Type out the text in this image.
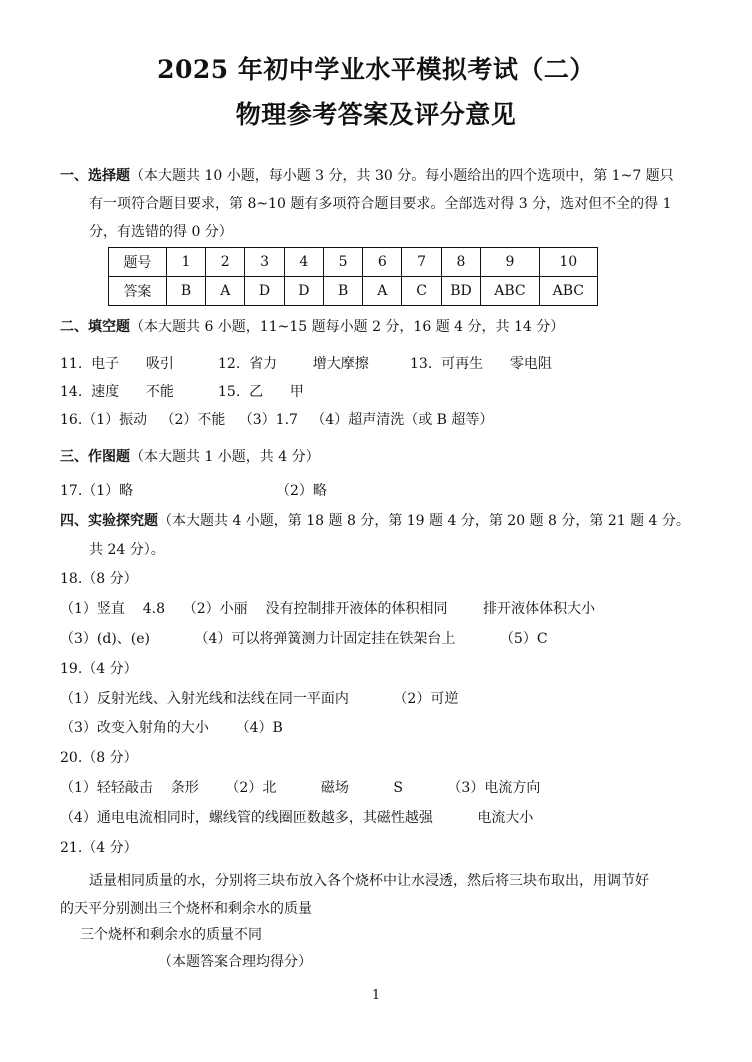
2025 年初中学业水平模拟考试（二）
物理参考答案及评分意见
一、选择题（本大题共 10 小题，每小题 3 分，共 30 分。每小题给出的四个选项中，第 1~7 题只
有一项符合题目要求，第 8~10 题有多项符合题目要求。全部选对得 3 分，选对但不全的得 1
分，有选错的得 0 分）
题号	1	2	3	4	5	6	7	8	9	10
答案	B	A	D	D	B	A	C	BD	ABC	ABC
二、填空题（本大题共 6 小题，11~15 题每小题 2 分，16 题 4 分，共 14 分）
11.  电子      吸引	12.  省力        增大摩擦	13.  可再生      零电阻
14.  速度      不能	15.  乙      甲
16.（1）振动   （2）不能   （3）1.7   （4）超声清洗（或 B 超等）
三、作图题（本大题共 1 小题，共 4 分）
17.（1）略	（2）略
四、实验探究题（本大题共 4 小题，第 18 题 8 分，第 19 题 4 分，第 20 题 8 分，第 21 题 4 分。
共 24 分）。
18.（8 分）
（1）竖直    4.8    （2）小丽    没有控制排开液体的体积相同        排开液体体积大小
（3）(d)、(e)          （4）可以将弹簧测力计固定挂在铁架台上          （5）C
19.（4 分）
（1）反射光线、入射光线和法线在同一平面内          （2）可逆
（3）改变入射角的大小      （4）B
20.（8 分）
（1）轻轻敲击    条形      （2）北          磁场          S          （3）电流方向
（4）通电电流相同时，螺线管的线圈匝数越多，其磁性越强          电流大小
21.（4 分）
适量相同质量的水，分别将三块布放入各个烧杯中让水浸透，然后将三块布取出，用调节好
的天平分别测出三个烧杯和剩余水的质量
三个烧杯和剩余水的质量不同
（本题答案合理均得分）
1
